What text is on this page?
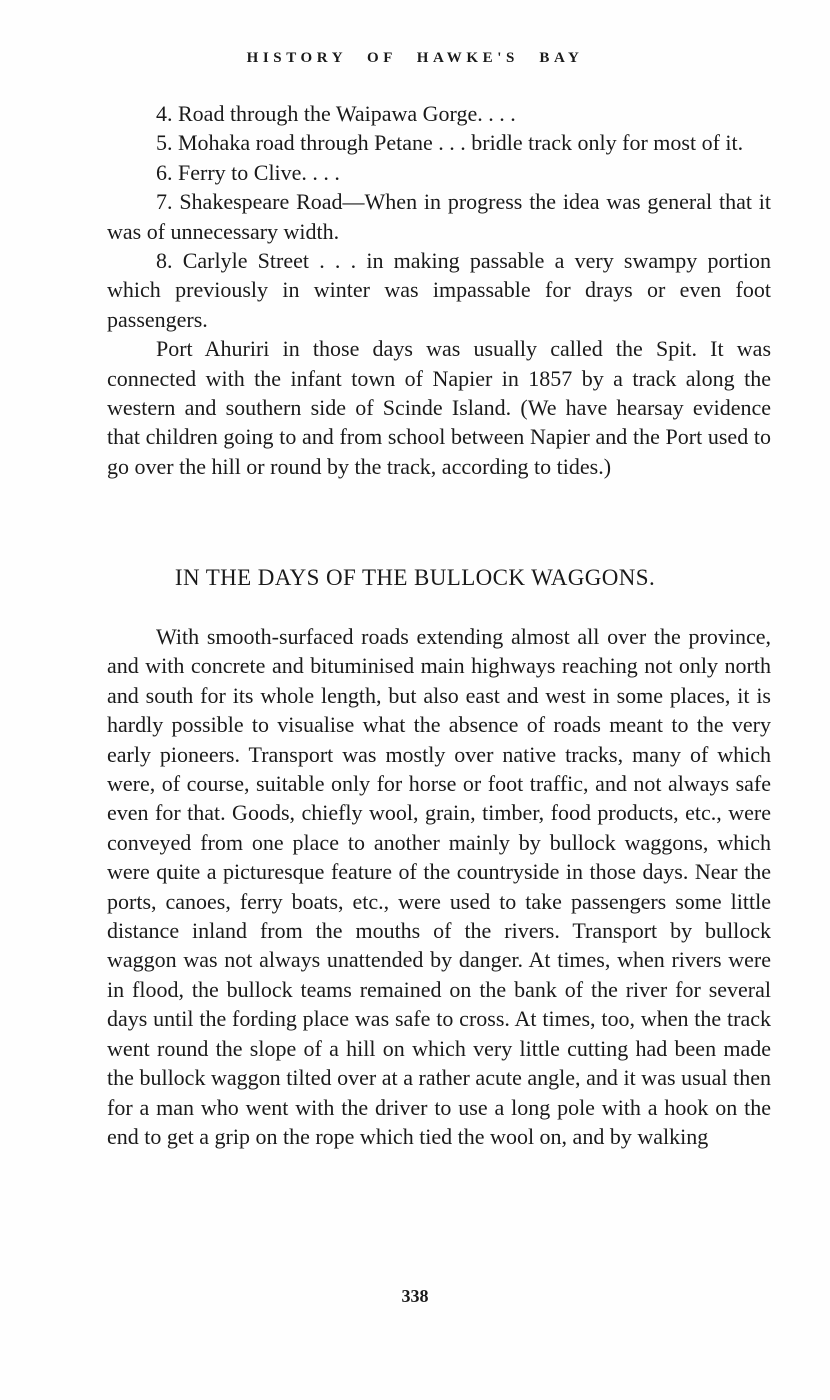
HISTORY OF HAWKE'S BAY

4. Road through the Waipawa Gorge. . . .

5. Mohaka road through Petane . . . bridle track only for most of it.

6. Ferry to Clive. . . .

7. Shakespeare Road—When in progress the idea was general that it was of unnecessary width.

8. Carlyle Street . . . in making passable a very swampy portion which previously in winter was impassable for drays or even foot passengers.

Port Ahuriri in those days was usually called the Spit. It was connected with the infant town of Napier in 1857 by a track along the western and southern side of Scinde Island. (We have hearsay evidence that children going to and from school between Napier and the Port used to go over the hill or round by the track, according to tides.)

IN THE DAYS OF THE BULLOCK WAGGONS.

With smooth-surfaced roads extending almost all over the province, and with concrete and bituminised main highways reaching not only north and south for its whole length, but also east and west in some places, it is hardly possible to visualise what the absence of roads meant to the very early pioneers. Transport was mostly over native tracks, many of which were, of course, suitable only for horse or foot traffic, and not always safe even for that. Goods, chiefly wool, grain, timber, food products, etc., were conveyed from one place to another mainly by bullock waggons, which were quite a picturesque feature of the countryside in those days. Near the ports, canoes, ferry boats, etc., were used to take passengers some little distance inland from the mouths of the rivers. Transport by bullock waggon was not always unattended by danger. At times, when rivers were in flood, the bullock teams remained on the bank of the river for several days until the fording place was safe to cross. At times, too, when the track went round the slope of a hill on which very little cutting had been made the bullock waggon tilted over at a rather acute angle, and it was usual then for a man who went with the driver to use a long pole with a hook on the end to get a grip on the rope which tied the wool on, and by walking

338
